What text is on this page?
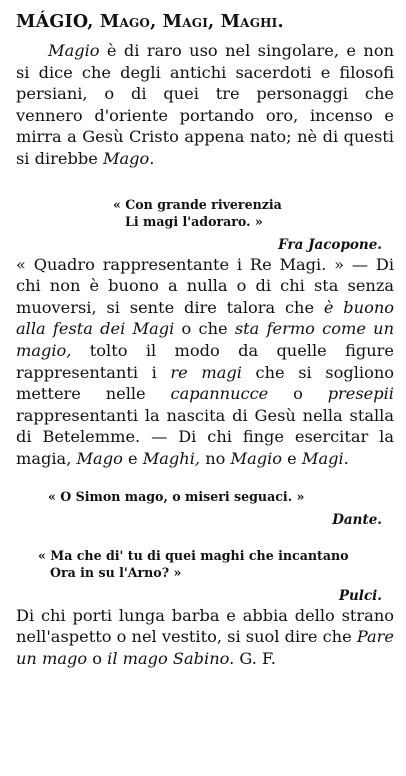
MÁGIO, Mago, Magi, Maghi.

Magio è di raro uso nel singolare, e non si dice che degli antichi sacerdoti e filosofi persiani, o di quei tre personaggi che vennero d'oriente portando oro, incenso e mirra a Gesù Cristo appena nato; nè di questi si direbbe Mago.

« Con grande riverenzia
Li magi l'adoraro. »
Fra Jacopone.

« Quadro rappresentante i Re Magi. » — Di chi non è buono a nulla o di chi sta senza muoversi, si sente dire talora che è buono alla festa dei Magi o che sta fermo come un magio, tolto il modo da quelle figure rappresentanti i re magi che si sogliono mettere nelle capannucce o presepii rappresentanti la nascita di Gesù nella stalla di Betelemme. — Di chi finge esercitar la magia, Mago e Maghi, no Magio e Magi.

« O Simon mago, o miseri seguaci. »
Dante.
« Ma che di' tu di quei maghi che incantano
Ora in su l'Arno? »
Pulci.

Di chi porti lunga barba e abbia dello strano nell'aspetto o nel vestito, si suol dire che Pare un mago o il mago Sabino. G. F.
